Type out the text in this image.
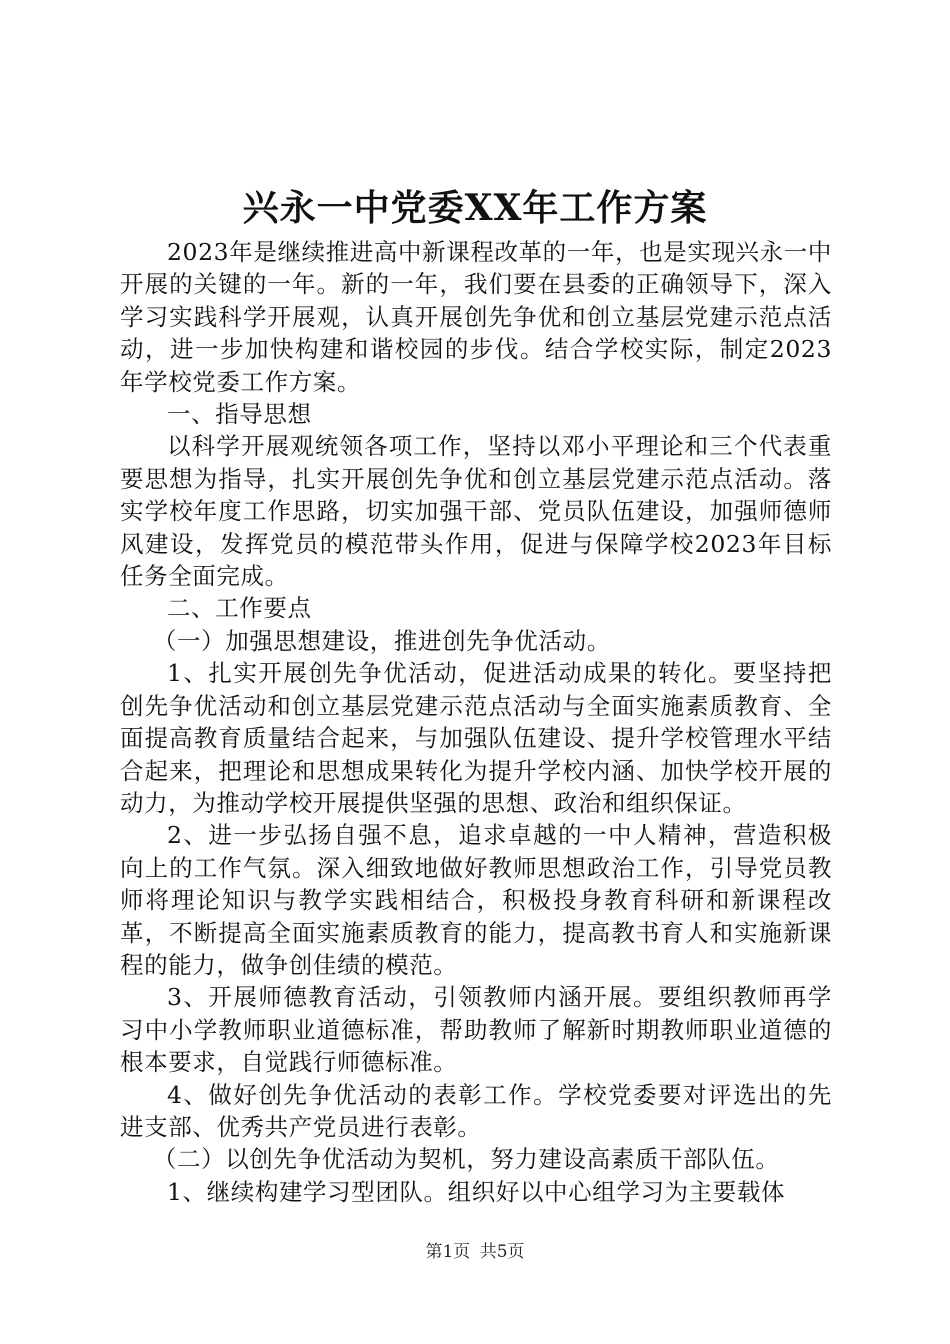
兴永一中党委XX年工作方案

2023年是继续推进高中新课程改革的一年，也是实现兴永一中开展的关键的一年。新的一年，我们要在县委的正确领导下，深入学习实践科学开展观，认真开展创先争优和创立基层党建示范点活动，进一步加快构建和谐校园的步伐。结合学校实际，制定2023年学校党委工作方案。

一、指导思想

以科学开展观统领各项工作，坚持以邓小平理论和三个代表重要思想为指导，扎实开展创先争优和创立基层党建示范点活动。落实学校年度工作思路，切实加强干部、党员队伍建设，加强师德师风建设，发挥党员的模范带头作用，促进与保障学校2023年目标任务全面完成。

二、工作要点

（一）加强思想建设，推进创先争优活动。

1、扎实开展创先争优活动，促进活动成果的转化。要坚持把创先争优活动和创立基层党建示范点活动与全面实施素质教育、全面提高教育质量结合起来，与加强队伍建设、提升学校管理水平结合起来，把理论和思想成果转化为提升学校内涵、加快学校开展的动力，为推动学校开展提供坚强的思想、政治和组织保证。

2、进一步弘扬自强不息，追求卓越的一中人精神，营造积极向上的工作气氛。深入细致地做好教师思想政治工作，引导党员教师将理论知识与教学实践相结合，积极投身教育科研和新课程改革，不断提高全面实施素质教育的能力，提高教书育人和实施新课程的能力，做争创佳绩的模范。

3、开展师德教育活动，引领教师内涵开展。要组织教师再学习中小学教师职业道德标准，帮助教师了解新时期教师职业道德的根本要求，自觉践行师德标准。

4、做好创先争优活动的表彰工作。学校党委要对评选出的先进支部、优秀共产党员进行表彰。

（二）以创先争优活动为契机，努力建设高素质干部队伍。

1、继续构建学习型团队。组织好以中心组学习为主要载体

第1页 共5页
